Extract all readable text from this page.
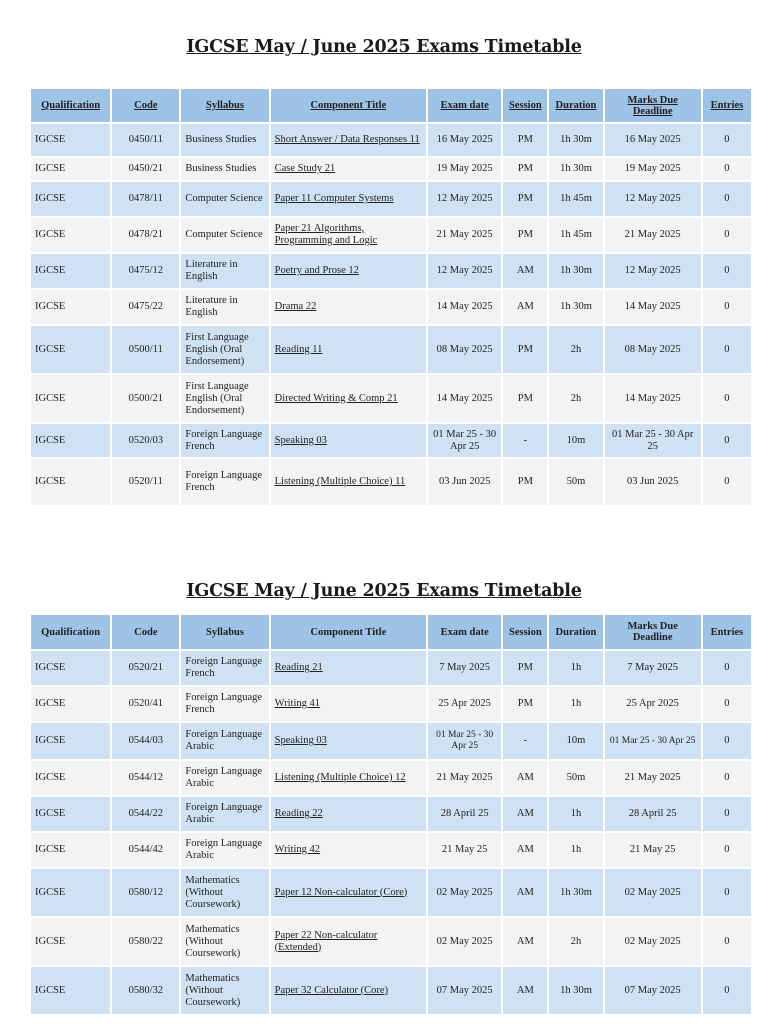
IGCSE May / June 2025 Exams Timetable
Qualification	Code	Syllabus	Component Title	Exam date	Session	Duration	Marks Due Deadline	Entries
IGCSE	0450/11	Business Studies	Short Answer / Data Responses 11	16 May 2025	PM	1h 30m	16 May 2025	0
IGCSE	0450/21	Business Studies	Case Study 21	19 May 2025	PM	1h 30m	19 May 2025	0
IGCSE	0478/11	Computer Science	Paper 11 Computer Systems	12 May 2025	PM	1h 45m	12 May 2025	0
IGCSE	0478/21	Computer Science	Paper 21 Algorithms, Programming and Logic	21 May 2025	PM	1h 45m	21 May 2025	0
IGCSE	0475/12	Literature in English	Poetry and Prose 12	12 May 2025	AM	1h 30m	12 May 2025	0
IGCSE	0475/22	Literature in English	Drama 22	14 May 2025	AM	1h 30m	14 May 2025	0
IGCSE	0500/11	First Language English (Oral Endorsement)	Reading 11	08 May 2025	PM	2h	08 May 2025	0
IGCSE	0500/21	First Language English (Oral Endorsement)	Directed Writing & Comp 21	14 May 2025	PM	2h	14 May 2025	0
IGCSE	0520/03	Foreign Language French	Speaking 03	01 Mar 25 - 30 Apr 25	-	10m	01 Mar 25 - 30 Apr 25	0
IGCSE	0520/11	Foreign Language French	Listening (Multiple Choice) 11	03 Jun 2025	PM	50m	03 Jun 2025	0
IGCSE May / June 2025 Exams Timetable
Qualification	Code	Syllabus	Component Title	Exam date	Session	Duration	Marks Due Deadline	Entries
IGCSE	0520/21	Foreign Language French	Reading 21	7 May 2025	PM	1h	7 May 2025	0
IGCSE	0520/41	Foreign Language French	Writing 41	25 Apr 2025	PM	1h	25 Apr 2025	0
IGCSE	0544/03	Foreign Language Arabic	Speaking 03	01 Mar 25 - 30 Apr 25	-	10m	01 Mar 25 - 30 Apr 25	0
IGCSE	0544/12	Foreign Language Arabic	Listening (Multiple Choice) 12	21 May 2025	AM	50m	21 May 2025	0
IGCSE	0544/22	Foreign Language Arabic	Reading 22	28 April 25	AM	1h	28 April 25	0
IGCSE	0544/42	Foreign Language Arabic	Writing 42	21 May 25	AM	1h	21 May 25	0
IGCSE	0580/12	Mathematics (Without Coursework)	Paper 12 Non-calculator (Core)	02 May 2025	AM	1h 30m	02 May 2025	0
IGCSE	0580/22	Mathematics (Without Coursework)	Paper 22 Non-calculator (Extended)	02 May 2025	AM	2h	02 May 2025	0
IGCSE	0580/32	Mathematics (Without Coursework)	Paper 32 Calculator (Core)	07 May 2025	AM	1h 30m	07 May 2025	0
